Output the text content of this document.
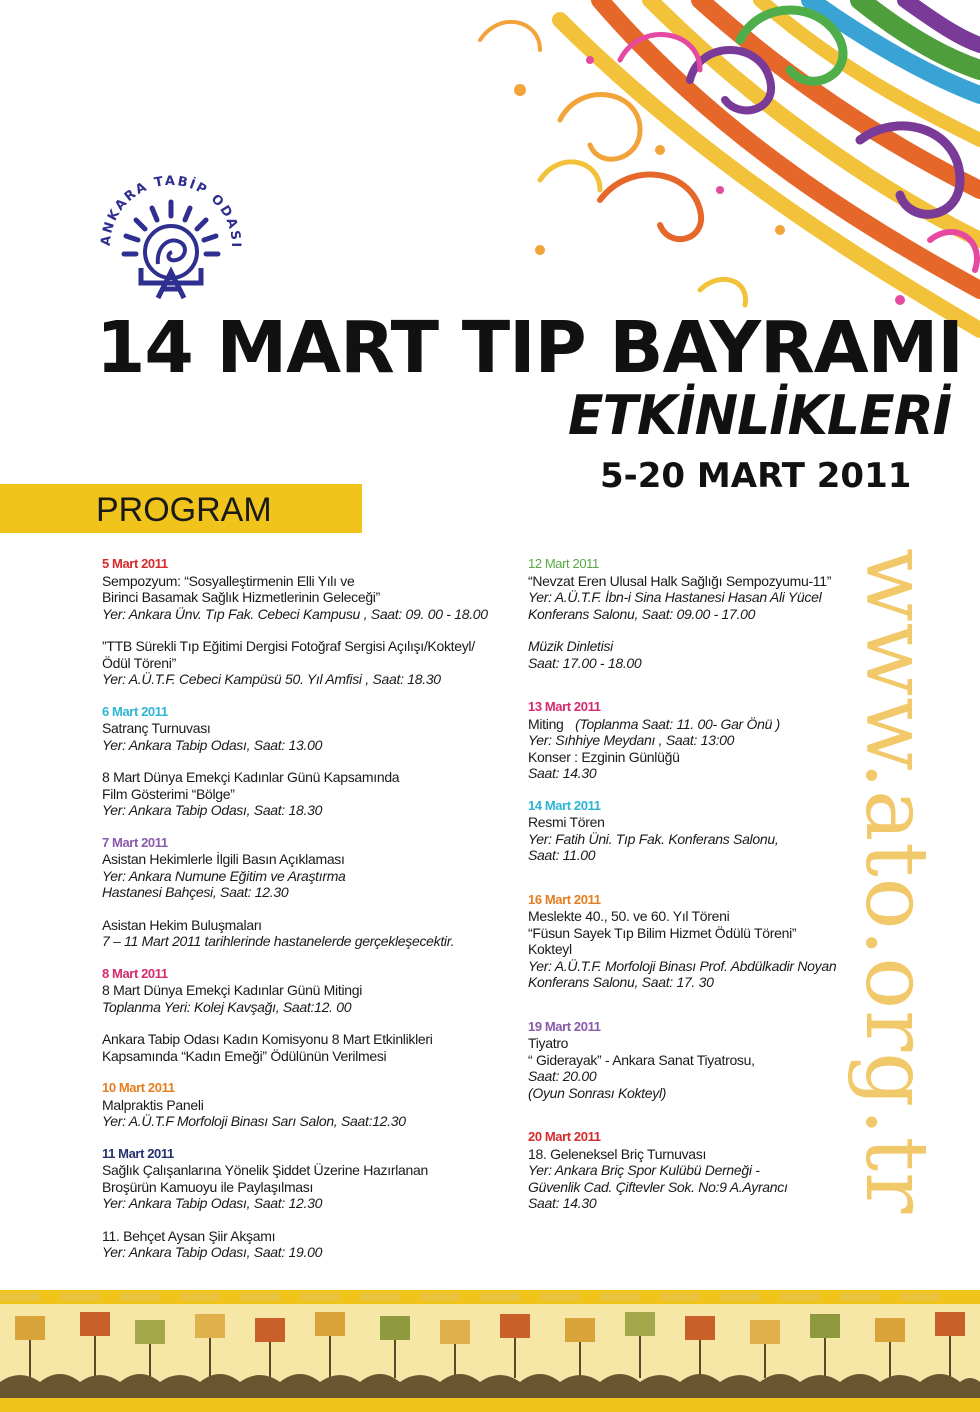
ANKARA TABİP ODASI
14 MART TIP BAYRAMI
ETKİNLİKLERİ
5-20 MART 2011
PROGRAM
5 Mart 2011
Sempozyum: “Sosyalleştirmenin Elli Yılı ve
Birinci Basamak Sağlık Hizmetlerinin Geleceği”
Yer: Ankara Ünv. Tıp Fak. Cebeci Kampusu , Saat: 09. 00 - 18.00
”TTB Sürekli Tıp Eğitimi Dergisi Fotoğraf Sergisi Açılışı/Kokteyl/
Ödül Töreni”
Yer: A.Ü.T.F. Cebeci Kampüsü 50. Yıl Amfisi , Saat: 18.30
6 Mart 2011
Satranç Turnuvası
Yer: Ankara Tabip Odası, Saat: 13.00
8 Mart Dünya Emekçi Kadınlar Günü Kapsamında
Film Gösterimi “Bölge”
Yer: Ankara Tabip Odası, Saat: 18.30
7 Mart 2011
Asistan Hekimlerle İlgili Basın Açıklaması
Yer: Ankara Numune Eğitim ve Araştırma
Hastanesi Bahçesi, Saat: 12.30
Asistan Hekim Buluşmaları
7 – 11 Mart 2011 tarihlerinde hastanelerde gerçekleşecektir.
8 Mart 2011
8 Mart Dünya Emekçi Kadınlar Günü Mitingi
Toplanma Yeri: Kolej Kavşağı, Saat:12. 00
Ankara Tabip Odası Kadın Komisyonu 8 Mart Etkinlikleri
Kapsamında “Kadın Emeği” Ödülünün Verilmesi
10 Mart 2011
Malpraktis Paneli
Yer: A.Ü.T.F Morfoloji Binası Sarı Salon, Saat:12.30
11 Mart 2011
Sağlık Çalışanlarına Yönelik Şiddet Üzerine Hazırlanan
Broşürün Kamuoyu ile Paylaşılması
Yer: Ankara Tabip Odası, Saat: 12.30
11. Behçet Aysan Şiir Akşamı
Yer: Ankara Tabip Odası, Saat: 19.00
12 Mart 2011
“Nevzat Eren Ulusal Halk Sağlığı Sempozyumu-11”
Yer: A.Ü.T.F. İbn-i Sina Hastanesi Hasan Ali Yücel
Konferans Salonu, Saat: 09.00 - 17.00
Müzik Dinletisi
Saat: 17.00 - 18.00
13 Mart 2011
Miting (Toplanma Saat: 11. 00- Gar Önü )
Yer: Sıhhiye Meydanı , Saat: 13:00
Konser : Ezginin Günlüğü
Saat: 14.30
14 Mart 2011
Resmi Tören
Yer: Fatih Üni. Tıp Fak. Konferans Salonu,
Saat: 11.00
16 Mart 2011
Meslekte 40., 50. ve 60. Yıl Töreni
“Füsun Sayek Tıp Bilim Hizmet Ödülü Töreni”
Kokteyl
Yer: A.Ü.T.F. Morfoloji Binası Prof. Abdülkadir Noyan
Konferans Salonu, Saat: 17. 30
19 Mart 2011
Tiyatro
“ Giderayak” - Ankara Sanat Tiyatrosu,
Saat: 20.00
(Oyun Sonrası Kokteyl)
20 Mart 2011
18. Geleneksel Briç Turnuvası
Yer: Ankara Briç Spor Kulübü Derneği -
Güvenlik Cad. Çiftevler Sok. No:9 A.Ayrancı
Saat: 14.30	www.ato.org.tr
